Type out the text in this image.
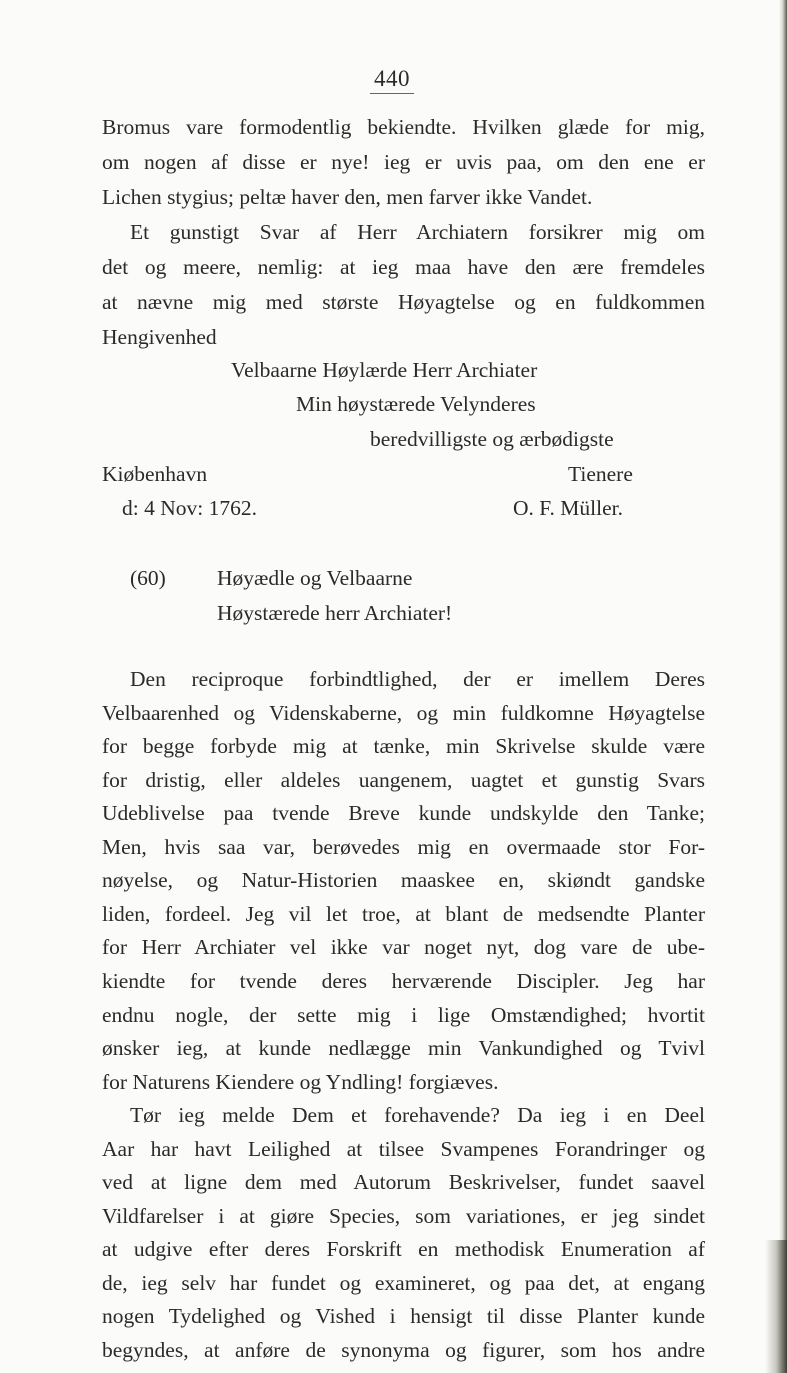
440
Bromus vare formodentlig bekiendte. Hvilken glæde for mig,
om nogen af disse er nye! ieg er uvis paa, om den ene er
Lichen stygius; peltæ haver den, men farver ikke Vandet.
Et gunstigt Svar af Herr Archiatern forsikrer mig om
det og meere, nemlig: at ieg maa have den ære fremdeles
at nævne mig med største Høyagtelse og en fuldkommen
Hengivenhed
Velbaarne Høylærde Herr Archiater
Min høystærede Velynderes
beredvilligste og ærbødigste
Kiøbenhavn	Tienere
d: 4 Nov: 1762.	O. F. Müller.
(60) Høyædle og Velbaarne
Høystærede herr Archiater!
Den reciproque forbindtlighed, der er imellem Deres
Velbaarenhed og Videnskaberne, og min fuldkomne Høyagtelse
for begge forbyde mig at tænke, min Skrivelse skulde være
for dristig, eller aldeles uangenem, uagtet et gunstig Svars
Udeblivelse paa tvende Breve kunde undskylde den Tanke;
Men, hvis saa var, berøvedes mig en overmaade stor For-
nøyelse, og Natur-Historien maaskee en, skiøndt gandske
liden, fordeel. Jeg vil let troe, at blant de medsendte Planter
for Herr Archiater vel ikke var noget nyt, dog vare de ube-
kiendte for tvende deres herværende Discipler. Jeg har
endnu nogle, der sette mig i lige Omstændighed; hvortit
ønsker ieg, at kunde nedlægge min Vankundighed og Tvivl
for Naturens Kiendere og Yndling! forgiæves.
Tør ieg melde Dem et forehavende? Da ieg i en Deel
Aar har havt Leilighed at tilsee Svampenes Forandringer og
ved at ligne dem med Autorum Beskrivelser, fundet saavel
Vildfarelser i at giøre Species, som variationes, er jeg sindet
at udgive efter deres Forskrift en methodisk Enumeration af
de, ieg selv har fundet og examineret, og paa det, at engang
nogen Tydelighed og Vished i hensigt til disse Planter kunde
begyndes, at anføre de synonyma og figurer, som hos andre
